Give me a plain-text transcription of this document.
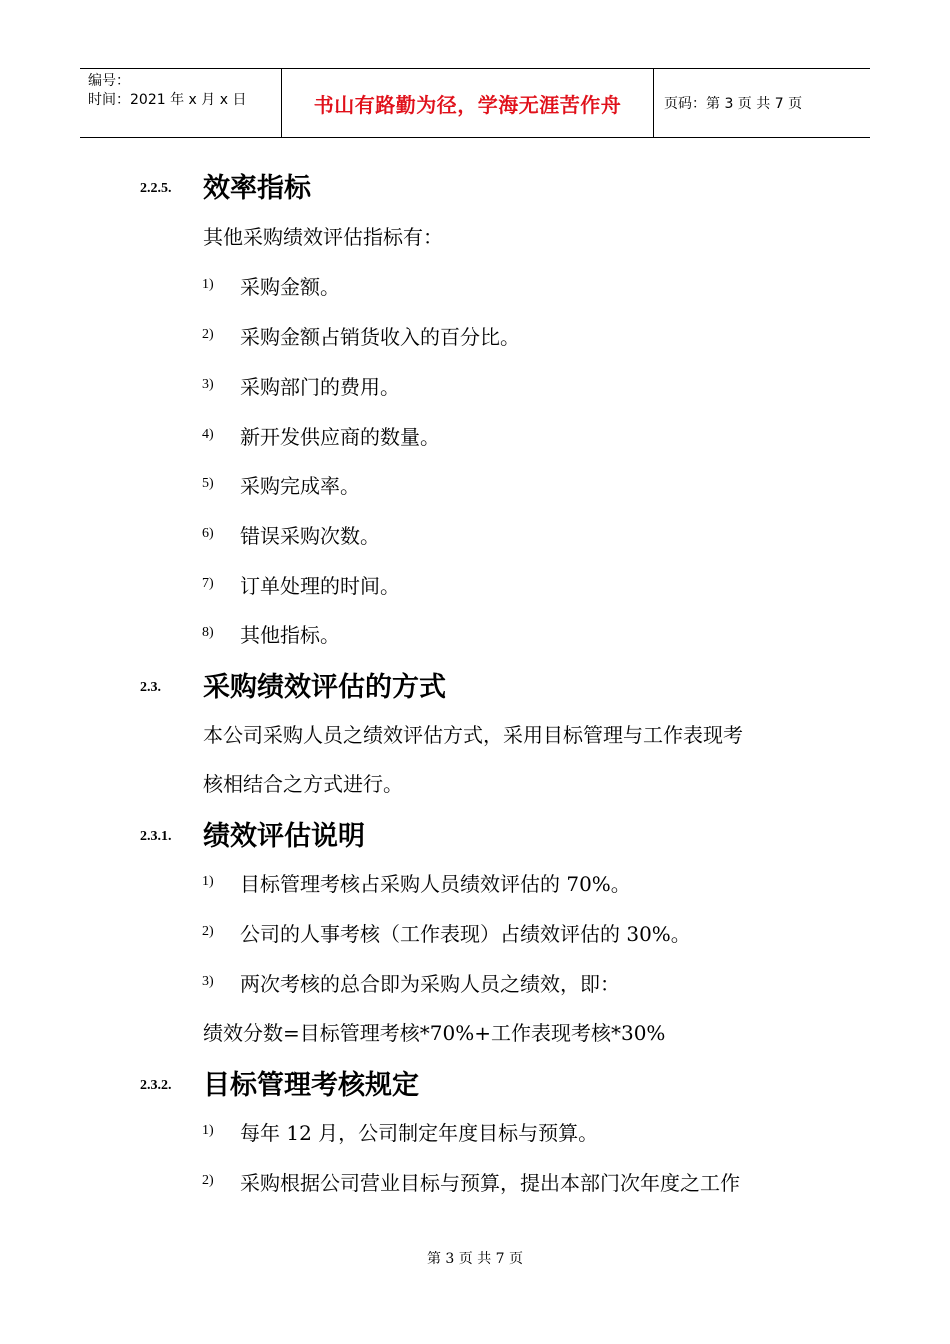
编号：
时间：2021 年 x 月 x 日	书山有路勤为径，学海无涯苦作舟	页码：第 3 页 共 7 页
2.2.5. 效率指标
其他采购绩效评估指标有：
1) 采购金额。
2) 采购金额占销货收入的百分比。
3) 采购部门的费用。
4) 新开发供应商的数量。
5) 采购完成率。
6) 错误采购次数。
7) 订单处理的时间。
8) 其他指标。
2.3. 采购绩效评估的方式
本公司采购人员之绩效评估方式，采用目标管理与工作表现考
核相结合之方式进行。
2.3.1. 绩效评估说明
1) 目标管理考核占采购人员绩效评估的 70%。
2) 公司的人事考核（工作表现）占绩效评估的 30%。
3) 两次考核的总合即为采购人员之绩效，即：
绩效分数=目标管理考核*70%+工作表现考核*30%
2.3.2. 目标管理考核规定
1) 每年 12 月，公司制定年度目标与预算。
2) 采购根据公司营业目标与预算，提出本部门次年度之工作
第 3 页 共 7 页
